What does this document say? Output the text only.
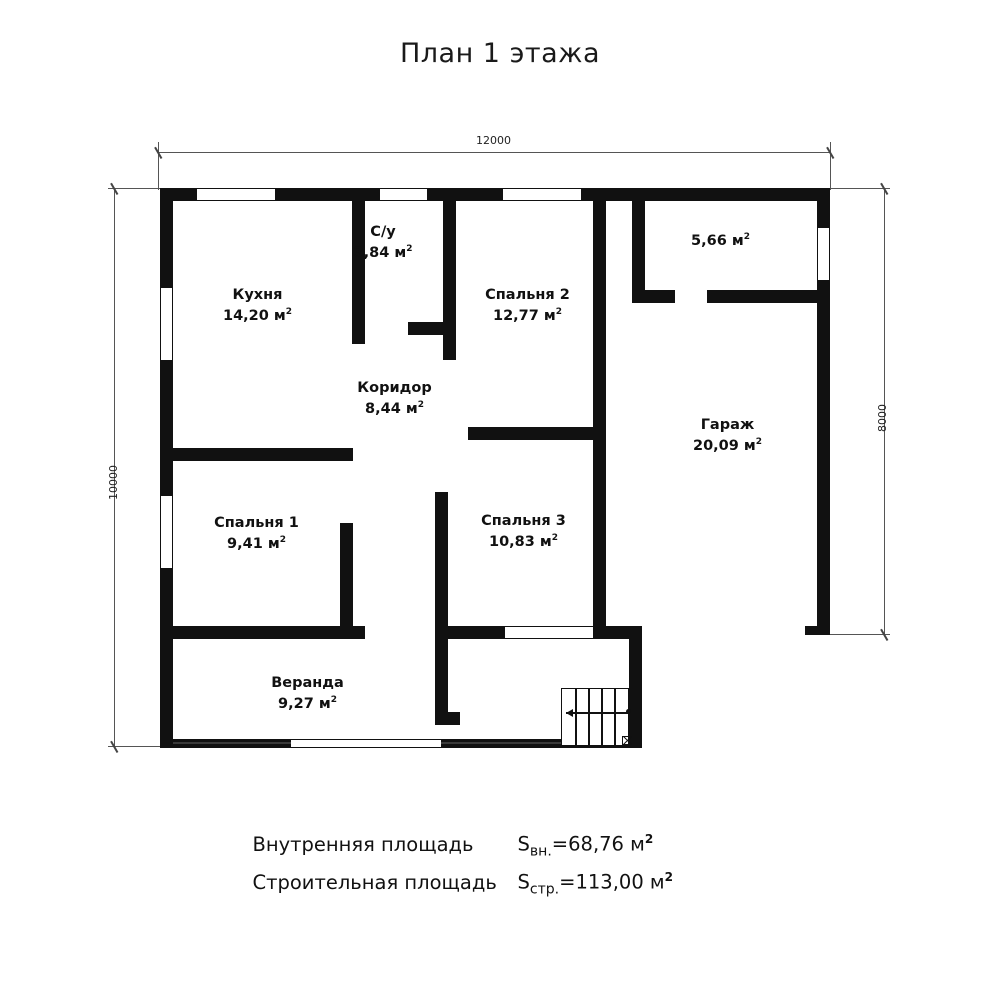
План 1 этажа
12000
8000
10000
Кухня
14,20 $м^2$
С/у
3,84 $м^2$
Спальня 2
12,77 $м^2$
Коридор
8,44 $м^2$
Спальня 1
9,41 $м^2$
Спальня 3
10,83 $м^2$
Гараж
20,09 $м^2$
Веранда
9,27 $м^2$
5,66 $м^2$
Внутренняя площадь	$S_{вн.}=68,76$ $м^2$
Строительная площадь	$S_{стр.}=113,00$ $м^2$
